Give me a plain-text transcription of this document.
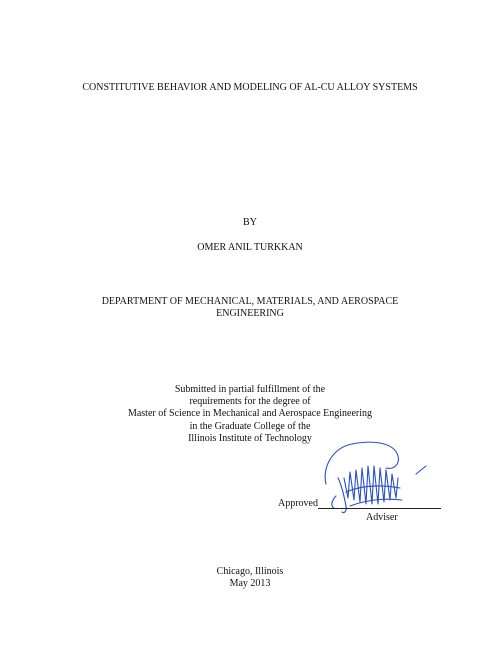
CONSTITUTIVE BEHAVIOR AND MODELING OF AL-CU ALLOY SYSTEMS
BY
OMER ANIL TURKKAN
DEPARTMENT OF MECHANICAL, MATERIALS, AND AEROSPACE
ENGINEERING
Submitted in partial fulfillment of the
requirements for the degree of
Master of Science in Mechanical and Aerospace Engineering
in the Graduate College of the
Illinois Institute of Technology
Approved
Adviser
Chicago, Illinois
May 2013
